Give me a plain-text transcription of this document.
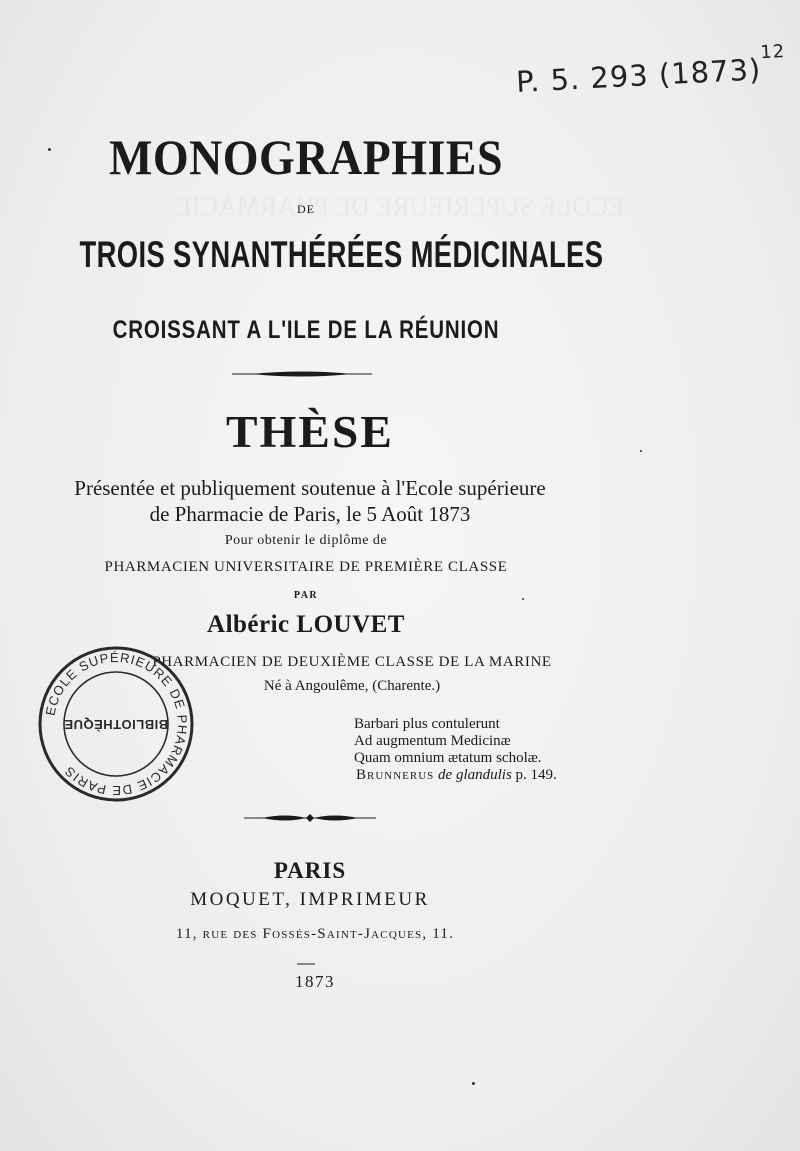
P. 5. 293 $(1873)^{12}$
MONOGRAPHIES
DE
TROIS SYNANTHÉRÉES MÉDICINALES
CROISSANT A L'ILE DE LA RÉUNION
THÈSE
Présentée et publiquement soutenue à l'Ecole supérieure
de Pharmacie de Paris, le 5 Août 1873
Pour obtenir le diplôme de
PHARMACIEN UNIVERSITAIRE DE PREMIÈRE CLASSE
PAR
Albéric LOUVET
PHARMACIEN DE DEUXIÈME CLASSE DE LA MARINE
Né à Angoulême, (Charente.)
Barbari plus contulerunt
Ad augmentum Medicinæ
Quam omnium ætatum scholæ.
Brunnerus de glandulis p. 149.
ECOLE SUPÉRIEURE DE PHARMACIE DE PARIS
BIBLIOTHÈQUE
PARIS
MOQUET, IMPRIMEUR
11, rue des Fossés-Saint-Jacques, 11.
1873
